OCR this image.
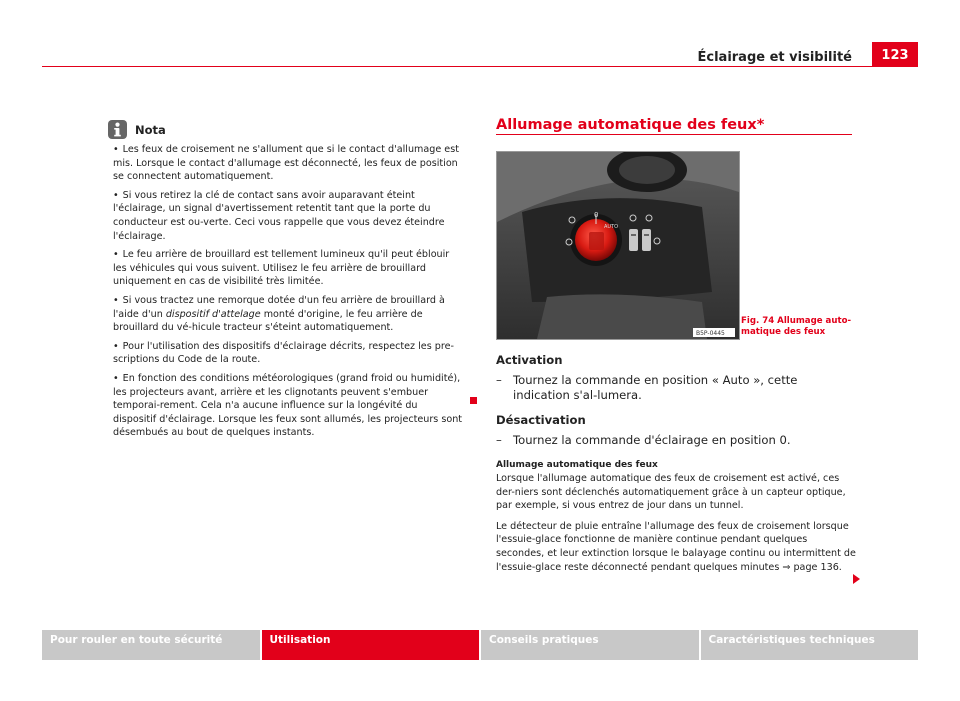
Éclairage et visibilité	123
Nota

• Les feux de croisement ne s'allument que si le contact d'allumage est mis. Lorsque le contact d'allumage est déconnecté, les feux de position se connectent automatiquement.

• Si vous retirez la clé de contact sans avoir auparavant éteint l'éclairage, un signal d'avertissement retentit tant que la porte du conducteur est ou-verte. Ceci vous rappelle que vous devez éteindre l'éclairage.

• Le feu arrière de brouillard est tellement lumineux qu'il peut éblouir les véhicules qui vous suivent. Utilisez le feu arrière de brouillard uniquement en cas de visibilité très limitée.

• Si vous tractez une remorque dotée d'un feu arrière de brouillard à l'aide d'un dispositif d'attelage monté d'origine, le feu arrière de brouillard du vé-hicule tracteur s'éteint automatiquement.

• Pour l'utilisation des dispositifs d'éclairage décrits, respectez les pre-scriptions du Code de la route.

• En fonction des conditions météorologiques (grand froid ou humidité), les projecteurs avant, arrière et les clignotants peuvent s'embuer temporai-rement. Cela n'a aucune influence sur la longévité du dispositif d'éclairage. Lorsque les feux sont allumés, les projecteurs sont désembués au bout de quelques instants.

Allumage automatique des feux*
0
AUTO
B5P-0445
Fig. 74 Allumage auto-matique des feux
Activation
– Tournez la commande en position « Auto », cette indication s'al-lumera.
Désactivation
– Tournez la commande d'éclairage en position 0.
Allumage automatique des feux

Lorsque l'allumage automatique des feux de croisement est activé, ces der-niers sont déclenchés automatiquement grâce à un capteur optique, par exemple, si vous entrez de jour dans un tunnel.

Le détecteur de pluie entraîne l'allumage des feux de croisement lorsque l'essuie-glace fonctionne de manière continue pendant quelques secondes, et leur extinction lorsque le balayage continu ou intermittent de l'essuie-glace reste déconnecté pendant quelques minutes ⇒ page 136.

Pour rouler en toute sécurité	Utilisation	Conseils pratiques	Caractéristiques techniques
